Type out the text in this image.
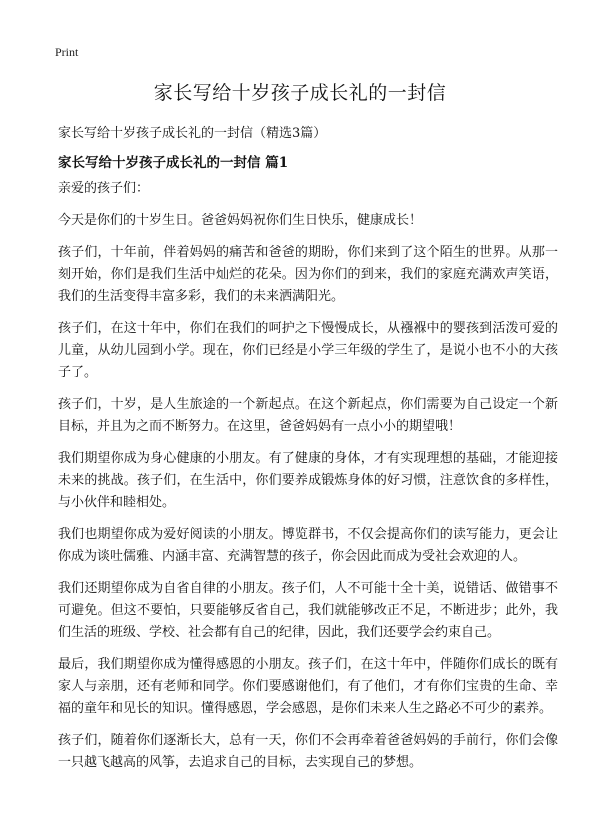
Print
家长写给十岁孩子成长礼的一封信

家长写给十岁孩子成长礼的一封信（精选3篇）

家长写给十岁孩子成长礼的一封信 篇1

亲爱的孩子们：

今天是你们的十岁生日。爸爸妈妈祝你们生日快乐，健康成长！

孩子们，十年前，伴着妈妈的痛苦和爸爸的期盼，你们来到了这个陌生的世界。从那一刻开始，你们是我们生活中灿烂的花朵。因为你们的到来，我们的家庭充满欢声笑语，我们的生活变得丰富多彩，我们的未来洒满阳光。

孩子们，在这十年中，你们在我们的呵护之下慢慢成长，从襁褓中的婴孩到活泼可爱的儿童，从幼儿园到小学。现在，你们已经是小学三年级的学生了，是说小也不小的大孩子了。

孩子们，十岁，是人生旅途的一个新起点。在这个新起点，你们需要为自己设定一个新目标，并且为之而不断努力。在这里，爸爸妈妈有一点小小的期望哦！

我们期望你成为身心健康的小朋友。有了健康的身体，才有实现理想的基础，才能迎接未来的挑战。孩子们，在生活中，你们要养成锻炼身体的好习惯，注意饮食的多样性，与小伙伴和睦相处。

我们也期望你成为爱好阅读的小朋友。博览群书，不仅会提高你们的读写能力，更会让你成为谈吐儒雅、内涵丰富、充满智慧的孩子，你会因此而成为受社会欢迎的人。

我们还期望你成为自省自律的小朋友。孩子们，人不可能十全十美，说错话、做错事不可避免。但这不要怕，只要能够反省自己，我们就能够改正不足，不断进步；此外，我们生活的班级、学校、社会都有自己的纪律，因此，我们还要学会约束自己。

最后，我们期望你成为懂得感恩的小朋友。孩子们，在这十年中，伴随你们成长的既有家人与亲朋，还有老师和同学。你们要感谢他们，有了他们，才有你们宝贵的生命、幸福的童年和见长的知识。懂得感恩，学会感恩，是你们未来人生之路必不可少的素养。

孩子们，随着你们逐渐长大，总有一天，你们不会再牵着爸爸妈妈的手前行，你们会像一只越飞越高的风筝，去追求自己的目标，去实现自己的梦想。
